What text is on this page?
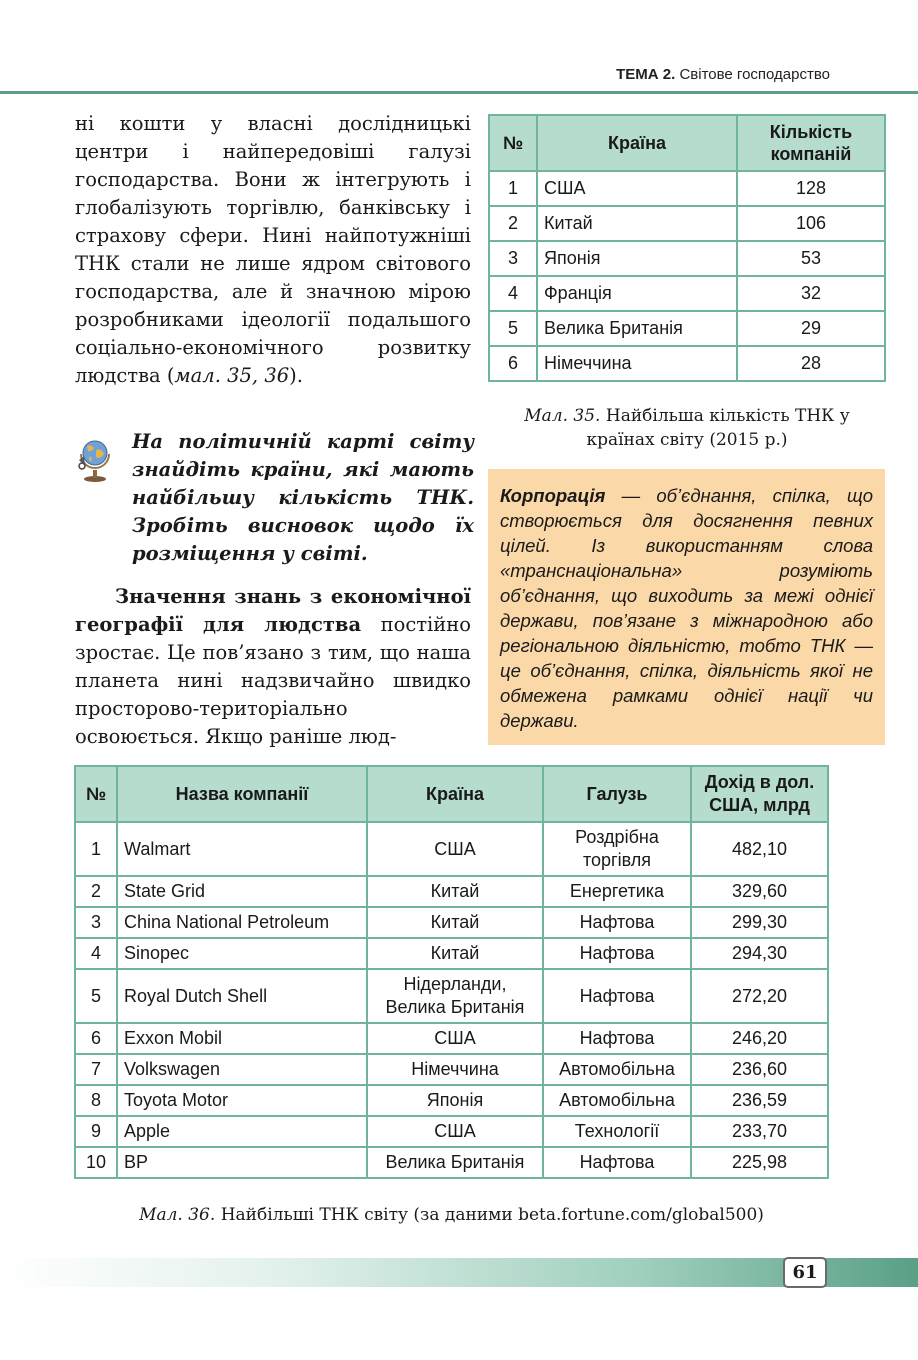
ТЕМА 2. Світове господарство

ні кошти у власні дослідницькі центри і найпередовіші галузі господарства. Вони ж інтегрують і глобалізують торгівлю, банківську і страхову сфери. Нині найпотужніші ТНК стали не лише ядром світового господарства, але й значною мірою розробниками ідеології подальшого соціально-економічного розвитку людства (мал. 35, 36).

На політичній карті світу знайдіть країни, які мають найбільшу кількість ТНК. Зробіть висновок щодо їх розміщення у світі.
Значення знань з економічної географії для людства постійно зростає. Це пов’язано з тим, що наша планета нині надзвичайно швидко просторово-територіально освоюється. Якщо раніше люд-
№	Країна	Кількість компаній
1	США	128
2	Китай	106
3	Японія	53
4	Франція	32
5	Велика Британія	29
6	Німеччина	28
Мал. 35. Найбільша кількість ТНК у країнах світу (2015 р.)
Корпорація — об’єднання, спілка, що створюється для досягнення певних цілей. Із використанням слова «транснаціональна» розуміють об’єднання, що виходить за межі однієї держави, пов’язане з міжнародною або регіональною діяльністю, тобто ТНК — це об’єднання, спілка, діяльність якої не обмежена рамками однієї нації чи держави.
№	Назва компанії	Країна	Галузь	Дохід в дол. США, млрд
1	Walmart	США	Роздрібна торгівля	482,10
2	State Grid	Китай	Енергетика	329,60
3	China National Petroleum	Китай	Нафтова	299,30
4	Sinopec	Китай	Нафтова	294,30
5	Royal Dutch Shell	Нідерланди, Велика Британія	Нафтова	272,20
6	Exxon Mobil	США	Нафтова	246,20
7	Volkswagen	Німеччина	Автомобільна	236,60
8	Toyota Motor	Японія	Автомобільна	236,59
9	Apple	США	Технології	233,70
10	BP	Велика Британія	Нафтова	225,98
Мал. 36. Найбільші ТНК світу (за даними beta.fortune.com/global500)
61
